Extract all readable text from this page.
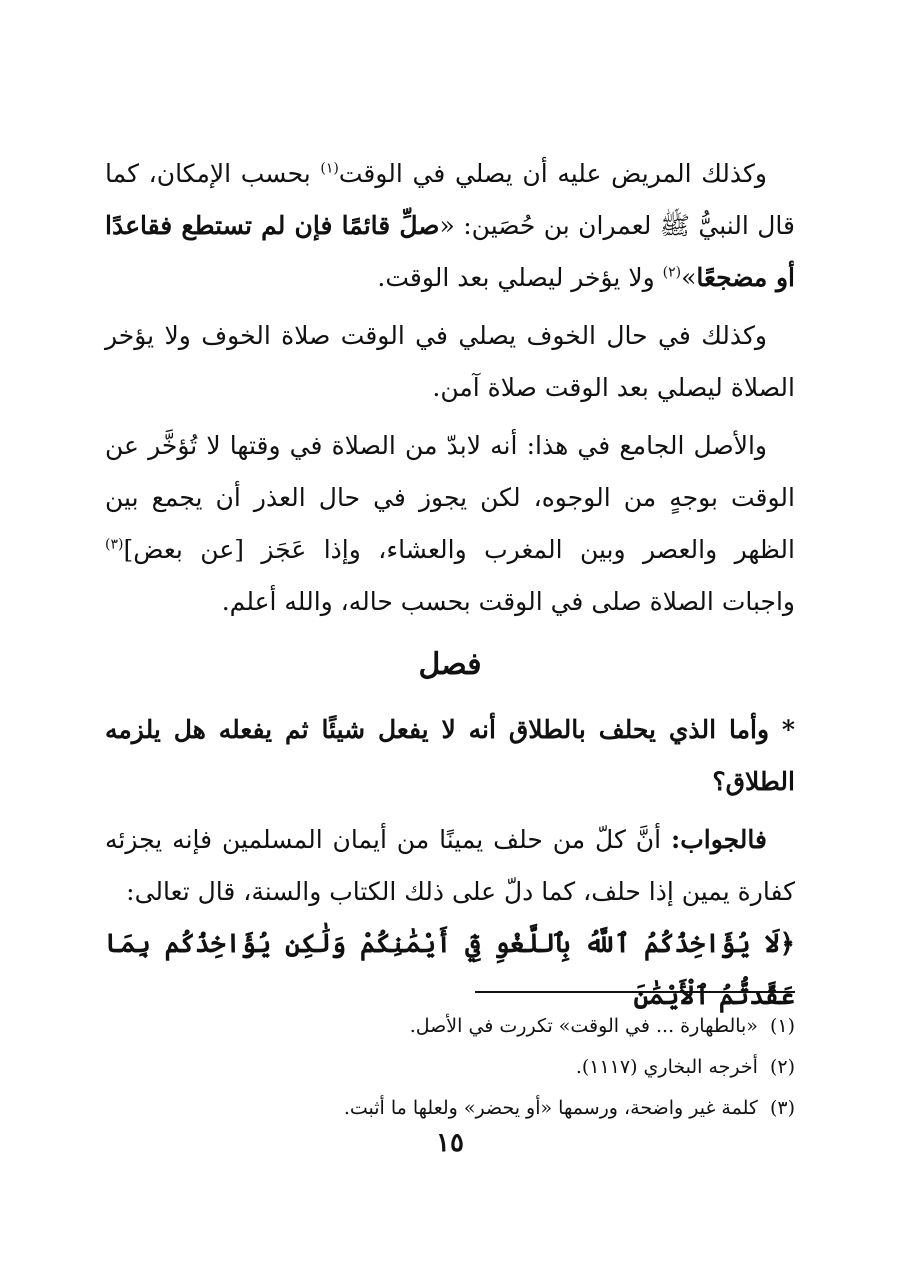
وكذلك المريض عليه أن يصلي في الوقت$^{(١)}$ بحسب الإمكان، كما قال النبيُّ ﷺ لعمران بن حُصَين: «صلِّ قائمًا فإن لم تستطع فقاعدًا أو مضجعًا»$^{(٢)}$ ولا يؤخر ليصلي بعد الوقت.

وكذلك في حال الخوف يصلي في الوقت صلاة الخوف ولا يؤخر الصلاة ليصلي بعد الوقت صلاة آمن.

والأصل الجامع في هذا: أنه لابدّ من الصلاة في وقتها لا تُؤخَّر عن الوقت بوجهٍ من الوجوه، لكن يجوز في حال العذر أن يجمع بين الظهر والعصر وبين المغرب والعشاء، وإذا عَجَز [عن بعض]$^{(٣)}$ واجبات الصلاة صلى في الوقت بحسب حاله، والله أعلم.

فصل

* وأما الذي يحلف بالطلاق أنه لا يفعل شيئًا ثم يفعله هل يلزمه الطلاق؟

فالجواب: أنَّ كلّ من حلف يمينًا من أيمان المسلمين فإنه يجزئه كفارة يمين إذا حلف، كما دلّ على ذلك الكتاب والسنة، قال تعالى:
﴿لَا يُؤَاخِذُكُمُ ٱللَّهُ بِٱللَّغْوِ فِيٓ أَيْمَٰنِكُمْ وَلَٰكِن يُؤَاخِذُكُم بِمَا عَقَّدتُّمُ ٱلْأَيْمَٰنَ

(١)«بالطهارة ... في الوقت» تكررت في الأصل.
(٢)أخرجه البخاري (١١١٧).
(٣)كلمة غير واضحة، ورسمها «أو يحضر» ولعلها ما أثبت.
١٥
